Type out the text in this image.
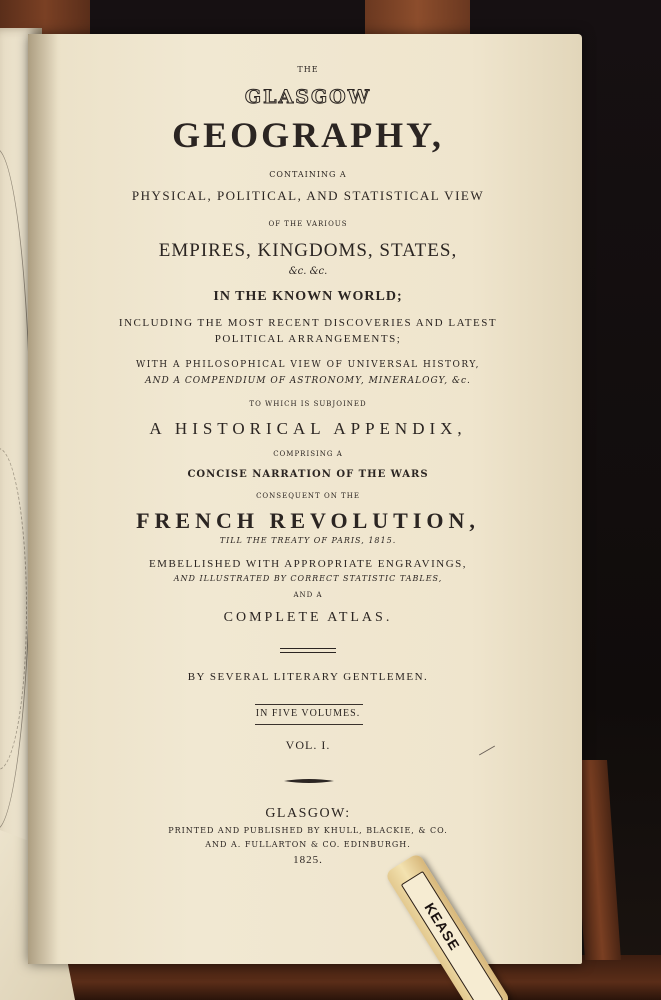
THE
GLASGOW
GEOGRAPHY,
CONTAINING A
PHYSICAL, POLITICAL, AND STATISTICAL VIEW
OF THE VARIOUS
EMPIRES, KINGDOMS, STATES,
&c. &c.
IN THE KNOWN WORLD;
INCLUDING THE MOST RECENT DISCOVERIES AND LATEST
POLITICAL ARRANGEMENTS;
WITH A PHILOSOPHICAL VIEW OF UNIVERSAL HISTORY,
AND A COMPENDIUM OF ASTRONOMY, MINERALOGY, &c.
TO WHICH IS SUBJOINED
A HISTORICAL APPENDIX,
COMPRISING A
CONCISE NARRATION OF THE WARS
CONSEQUENT ON THE
FRENCH REVOLUTION,
TILL THE TREATY OF PARIS, 1815.
EMBELLISHED WITH APPROPRIATE ENGRAVINGS,
AND ILLUSTRATED BY CORRECT STATISTIC TABLES,
AND A
COMPLETE ATLAS.
BY SEVERAL LITERARY GENTLEMEN.
IN FIVE VOLUMES.
VOL. I.
GLASGOW:
PRINTED AND PUBLISHED BY KHULL, BLACKIE, & CO.
AND A. FULLARTON & CO. EDINBURGH.
1825.
KEASE
